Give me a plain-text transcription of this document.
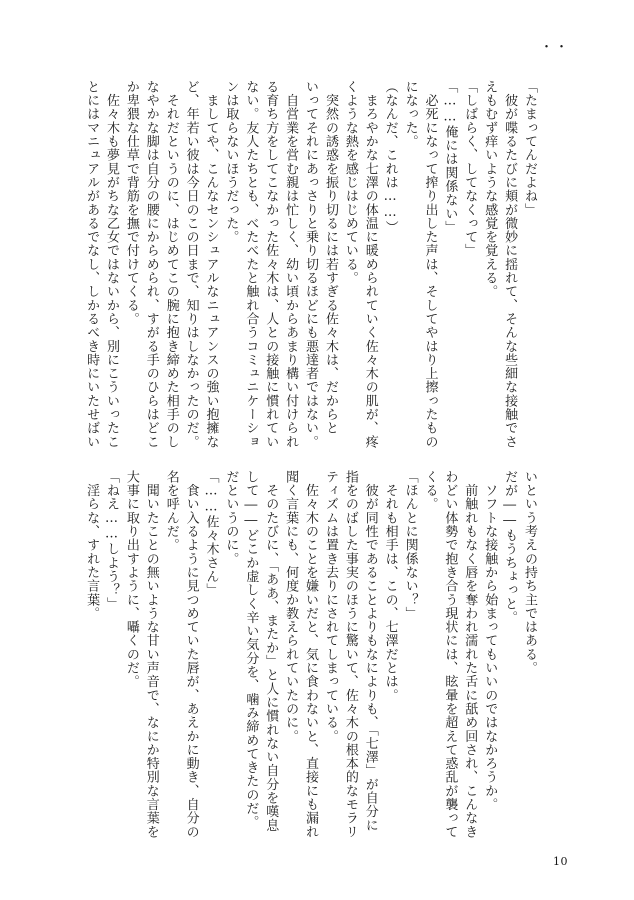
・・
「たまってんだよね」
　彼が喋るたびに頬が微妙に揺れて、そんな些細な接触でさ
えもむず痒いような感覚を覚える。
「しばらく、してなくって」
「……俺には関係ない」
　必死になって搾り出した声は、そしてやはり上擦ったもの
になった。
（なんだ、これは……）
　まろやかな七澤の体温に暖められていく佐々木の肌が、疼
くような熱を感じはじめている。
　突然の誘惑を振り切るには若すぎる佐々木は、だからと
いってそれにあっさりと乗り切るほどにも悪達者ではない。
　自営業を営む親は忙しく、幼い頃からあまり構い付けられ
る育ち方をしてこなかった佐々木は、人との接触に慣れてい
ない。友人たちとも、べたべたと触れ合うコミュニケーショ
ンは取らないほうだった。
　ましてや、こんなセンシュアルなニュアンスの強い抱擁な
ど、年若い彼は今日のこの日まで、知りはしなかったのだ。
　それだというのに、はじめてこの腕に抱き締めた相手のし
なやかな脚は自分の腰にからめられ、すがる手のひらはどこ
か卑猥な仕草で背筋を撫で付けてくる。
　佐々木も夢見がちな乙女ではないから、別にこういったこ
とにはマニュアルがあるでなし、しかるべき時にいたせばい
いという考えの持ち主ではある。
だが――もうちょっと。
　ソフトな接触から始まってもいいのではなかろうか。
　前触れもなく唇を奪われ濡れた舌に舐め回され、こんなき
わどい体勢で抱き合う現状には、眩暈を超えて惑乱が襲って
くる。
「ほんとに関係ない？」
　それも相手は、この、七澤だとは。
　彼が同性であることよりもなによりも、「七澤」が自分に
指をのばした事実のほうに驚いて、佐々木の根本的なモラリ
ティズムは置き去りにされてしまっている。
　佐々木のことを嫌いだと、気に食わないと、直接にも漏れ
聞く言葉にも、何度か教えられていたのに。
　そのたびに、「ああ、またか」と人に慣れない自分を嘆息
して――どこか虚しく辛い気分を、噛み締めてきたのだ。
だというのに。
「……佐々木さん」
　食い入るように見つめていた唇が、あえかに動き、自分の
名を呼んだ。
　聞いたことの無いような甘い声音で、なにか特別な言葉を
大事に取り出すように、囁くのだ。
「ねえ……しよう？」
　淫らな、すれた言葉。
10
